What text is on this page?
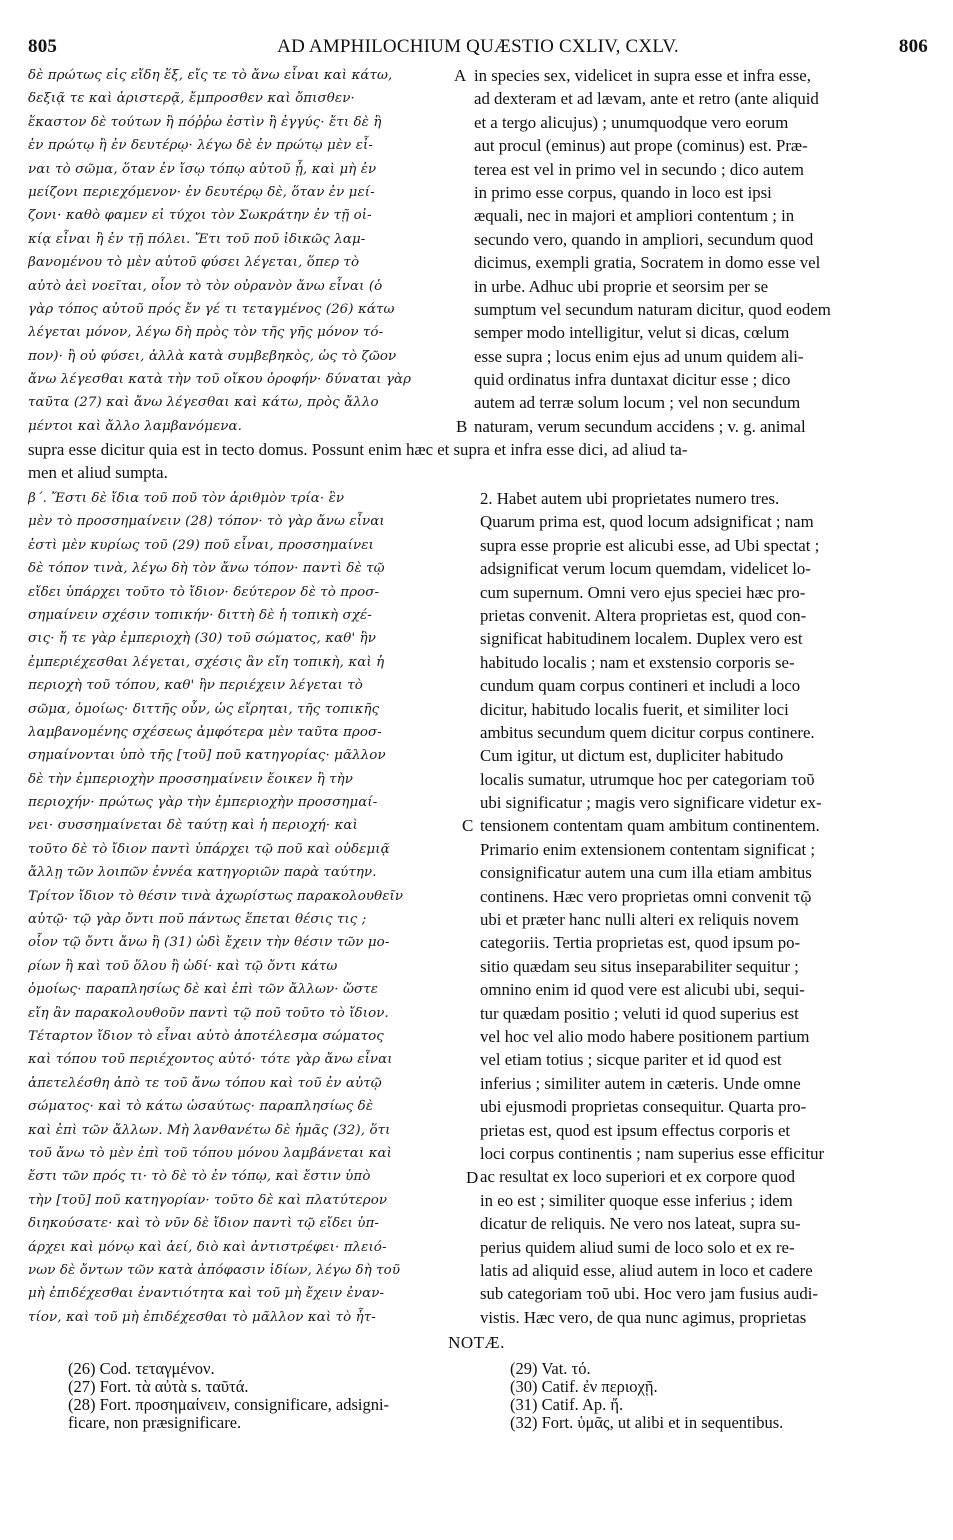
805	AD AMPHILOCHIUM QUÆSTIO CXLIV, CXLV.	806
δὲ πρώτως εἰς εἴδη ἕξ, εἴς τε τὸ ἄνω εἶναι καὶ κάτω,
δεξιᾷ τε καὶ ἀριστερᾷ, ἔμπροσθεν καὶ ὄπισθεν·
ἕκαστον δὲ τούτων ἢ πόῤῥω ἐστὶν ἢ ἐγγύς· ἔτι δὲ ἢ
ἐν πρώτῳ ἢ ἐν δευτέρῳ· λέγω δὲ ἐν πρώτῳ μὲν εἶ-
ναι τὸ σῶμα, ὅταν ἐν ἴσῳ τόπῳ αὐτοῦ ᾖ, καὶ μὴ ἐν
μείζονι περιεχόμενον· ἐν δευτέρῳ δὲ, ὅταν ἐν μεί-
ζονι· καθὸ φαμεν εἰ τύχοι τὸν Σωκράτην ἐν τῇ οἰ-
κίᾳ εἶναι ἢ ἐν τῇ πόλει. Ἔτι τοῦ ποῦ ἰδικῶς λαμ-
βανομένου τὸ μὲν αὐτοῦ φύσει λέγεται, ὅπερ τὸ
αὐτὸ ἀεὶ νοεῖται, οἷον τὸ τὸν οὐρανὸν ἄνω εἶναι (ὁ
γὰρ τόπος αὐτοῦ πρός ἔν γέ τι τεταγμένος (26) κάτω
λέγεται μόνον, λέγω δὴ πρὸς τὸν τῆς γῆς μόνον τό-
πον)· ἢ οὐ φύσει, ἀλλὰ κατὰ συμβεβηκὸς, ὡς τὸ ζῶον
ἄνω λέγεσθαι κατὰ τὴν τοῦ οἴκου ὀροφήν· δύναται γὰρ
ταῦτα (27) καὶ ἄνω λέγεσθαι καὶ κάτω, πρὸς ἄλλο
μέντοι καὶ ἄλλο λαμβανόμενα.
in species sex, videlicet in supra esse et infra esse,
ad dexteram et ad lævam, ante et retro (ante aliquid
et a tergo alicujus) ; unumquodque vero eorum
aut procul (eminus) aut prope (cominus) est. Præ-
terea est vel in primo vel in secundo ; dico autem
in primo esse corpus, quando in loco est ipsi
æquali, nec in majori et ampliori contentum ; in
secundo vero, quando in ampliori, secundum quod
dicimus, exempli gratia, Socratem in domo esse vel
in urbe. Adhuc ubi proprie et seorsim per se
sumptum vel secundum naturam dicitur, quod eodem
semper modo intelligitur, velut si dicas, cœlum
esse supra ; locus enim ejus ad unum quidem ali-
quid ordinatus infra duntaxat dicitur esse ; dico
autem ad terræ solum locum ; vel non secundum
naturam, verum secundum accidens ; v. g. animal
A
B
supra esse dicitur quia est in tecto domus. Possunt enim hæc et supra et infra esse dici, ad aliud ta-
men et aliud sumpta.
β΄. Ἔστι δὲ ἴδια τοῦ ποῦ τὸν ἀριθμὸν τρία· ἓν
μὲν τὸ προσσημαίνειν (28) τόπον· τὸ γὰρ ἄνω εἶναι
ἐστὶ μὲν κυρίως τοῦ (29) ποῦ εἶναι, προσσημαίνει
δὲ τόπον τινὰ, λέγω δὴ τὸν ἄνω τόπον· παντὶ δὲ τῷ
εἴδει ὑπάρχει τοῦτο τὸ ἴδιον· δεύτερον δὲ τὸ προσ-
σημαίνειν σχέσιν τοπικήν· διττὴ δὲ ἡ τοπικὴ σχέ-
σις· ἥ τε γὰρ ἐμπεριοχὴ (30) τοῦ σώματος, καθ' ἣν
ἐμπεριέχεσθαι λέγεται, σχέσις ἂν εἴη τοπικὴ, καὶ ἡ
περιοχὴ τοῦ τόπου, καθ' ἣν περιέχειν λέγεται τὸ
σῶμα, ὁμοίως· διττῆς οὖν, ὡς εἴρηται, τῆς τοπικῆς
λαμβανομένης σχέσεως ἀμφότερα μὲν ταῦτα προσ-
σημαίνονται ὑπὸ τῆς [τοῦ] ποῦ κατηγορίας· μᾶλλον
δὲ τὴν ἐμπεριοχὴν προσσημαίνειν ἔοικεν ἢ τὴν
περιοχήν· πρώτως γὰρ τὴν ἐμπεριοχὴν προσσημαί-
νει· συσσημαίνεται δὲ ταύτῃ καὶ ἡ περιοχή· καὶ
τοῦτο δὲ τὸ ἴδιον παντὶ ὑπάρχει τῷ ποῦ καὶ οὐδεμιᾷ
ἄλλῃ τῶν λοιπῶν ἐννέα κατηγοριῶν παρὰ ταύτην.
Τρίτον ἴδιον τὸ θέσιν τινὰ ἀχωρίστως παρακολουθεῖν
αὐτῷ· τῷ γὰρ ὄντι ποῦ πάντως ἕπεται θέσις τις ;
οἷον τῷ ὄντι ἄνω ἢ (31) ὡδὶ ἔχειν τὴν θέσιν τῶν μο-
ρίων ἢ καὶ τοῦ ὅλου ἢ ὡδί· καὶ τῷ ὄντι κάτω
ὁμοίως· παραπλησίως δὲ καὶ ἐπὶ τῶν ἄλλων· ὥστε
εἴη ἂν παρακολουθοῦν παντὶ τῷ ποῦ τοῦτο τὸ ἴδιον.
Τέταρτον ἴδιον τὸ εἶναι αὐτὸ ἀποτέλεσμα σώματος
καὶ τόπου τοῦ περιέχοντος αὐτό· τότε γὰρ ἄνω εἶναι
ἀπετελέσθη ἀπὸ τε τοῦ ἄνω τόπου καὶ τοῦ ἐν αὐτῷ
σώματος· καὶ τὸ κάτω ὡσαύτως· παραπλησίως δὲ
καὶ ἐπὶ τῶν ἄλλων. Μὴ λανθανέτω δὲ ἡμᾶς (32), ὅτι
τοῦ ἄνω τὸ μὲν ἐπὶ τοῦ τόπου μόνου λαμβάνεται καὶ
ἔστι τῶν πρός τι· τὸ δὲ τὸ ἐν τόπῳ, καὶ ἔστιν ὑπὸ
τὴν [τοῦ] ποῦ κατηγορίαν· τοῦτο δὲ καὶ πλατύτερον
διηκούσατε· καὶ τὸ νῦν δὲ ἴδιον παντὶ τῷ εἴδει ὑπ-
άρχει καὶ μόνῳ καὶ ἀεί, διὸ καὶ ἀντιστρέφει· πλειό-
νων δὲ ὄντων τῶν κατὰ ἀπόφασιν ἰδίων, λέγω δὴ τοῦ
μὴ ἐπιδέχεσθαι ἐναντιότητα καὶ τοῦ μὴ ἔχειν ἐναν-
τίον, καὶ τοῦ μὴ ἐπιδέχεσθαι τὸ μᾶλλον καὶ τὸ ἧτ-
2. Habet autem ubi proprietates numero tres.
Quarum prima est, quod locum adsignificat ; nam
supra esse proprie est alicubi esse, ad Ubi spectat ;
adsignificat verum locum quemdam, videlicet lo-
cum supernum. Omni vero ejus speciei hæc pro-
prietas convenit. Altera proprietas est, quod con-
significat habitudinem localem. Duplex vero est
habitudo localis ; nam et exstensio corporis se-
cundum quam corpus contineri et includi a loco
dicitur, habitudo localis fuerit, et similiter loci
ambitus secundum quem dicitur corpus continere.
Cum igitur, ut dictum est, dupliciter habitudo
localis sumatur, utrumque hoc per categoriam τοῦ
ubi significatur ; magis vero significare videtur ex-
tensionem contentam quam ambitum continentem.
Primario enim extensionem contentam significat ;
consignificatur autem una cum illa etiam ambitus
continens. Hæc vero proprietas omni convenit τῷ
ubi et præter hanc nulli alteri ex reliquis novem
categoriis. Tertia proprietas est, quod ipsum po-
sitio quædam seu situs inseparabiliter sequitur ;
omnino enim id quod vere est alicubi ubi, sequi-
tur quædam positio ; veluti id quod superius est
vel hoc vel alio modo habere positionem partium
vel etiam totius ; sicque pariter et id quod est
inferius ; similiter autem in cæteris. Unde omne
ubi ejusmodi proprietas consequitur. Quarta pro-
prietas est, quod est ipsum effectus corporis et
loci corpus continentis ; nam superius esse efficitur
ac resultat ex loco superiori et ex corpore quod
in eo est ; similiter quoque esse inferius ; idem
dicatur de reliquis. Ne vero nos lateat, supra su-
perius quidem aliud sumi de loco solo et ex re-
latis ad aliquid esse, aliud autem in loco et cadere
sub categoriam τοῦ ubi. Hoc vero jam fusius audi-
vistis. Hæc vero, de qua nunc agimus, proprietas
C
D
NOTÆ.
(26) Cod. τεταγμένον.
(27) Fort. τὰ αὐτὰ s. ταῦτά.
(28) Fort. προσημαίνειν, consignificare, adsigni-
ficare, non præsignificare.
(29) Vat. τό.
(30) Catif. ἐν περιοχῇ.
(31) Catif. Ap. ἤ.
(32) Fort. ὑμᾶς, ut alibi et in sequentibus.
